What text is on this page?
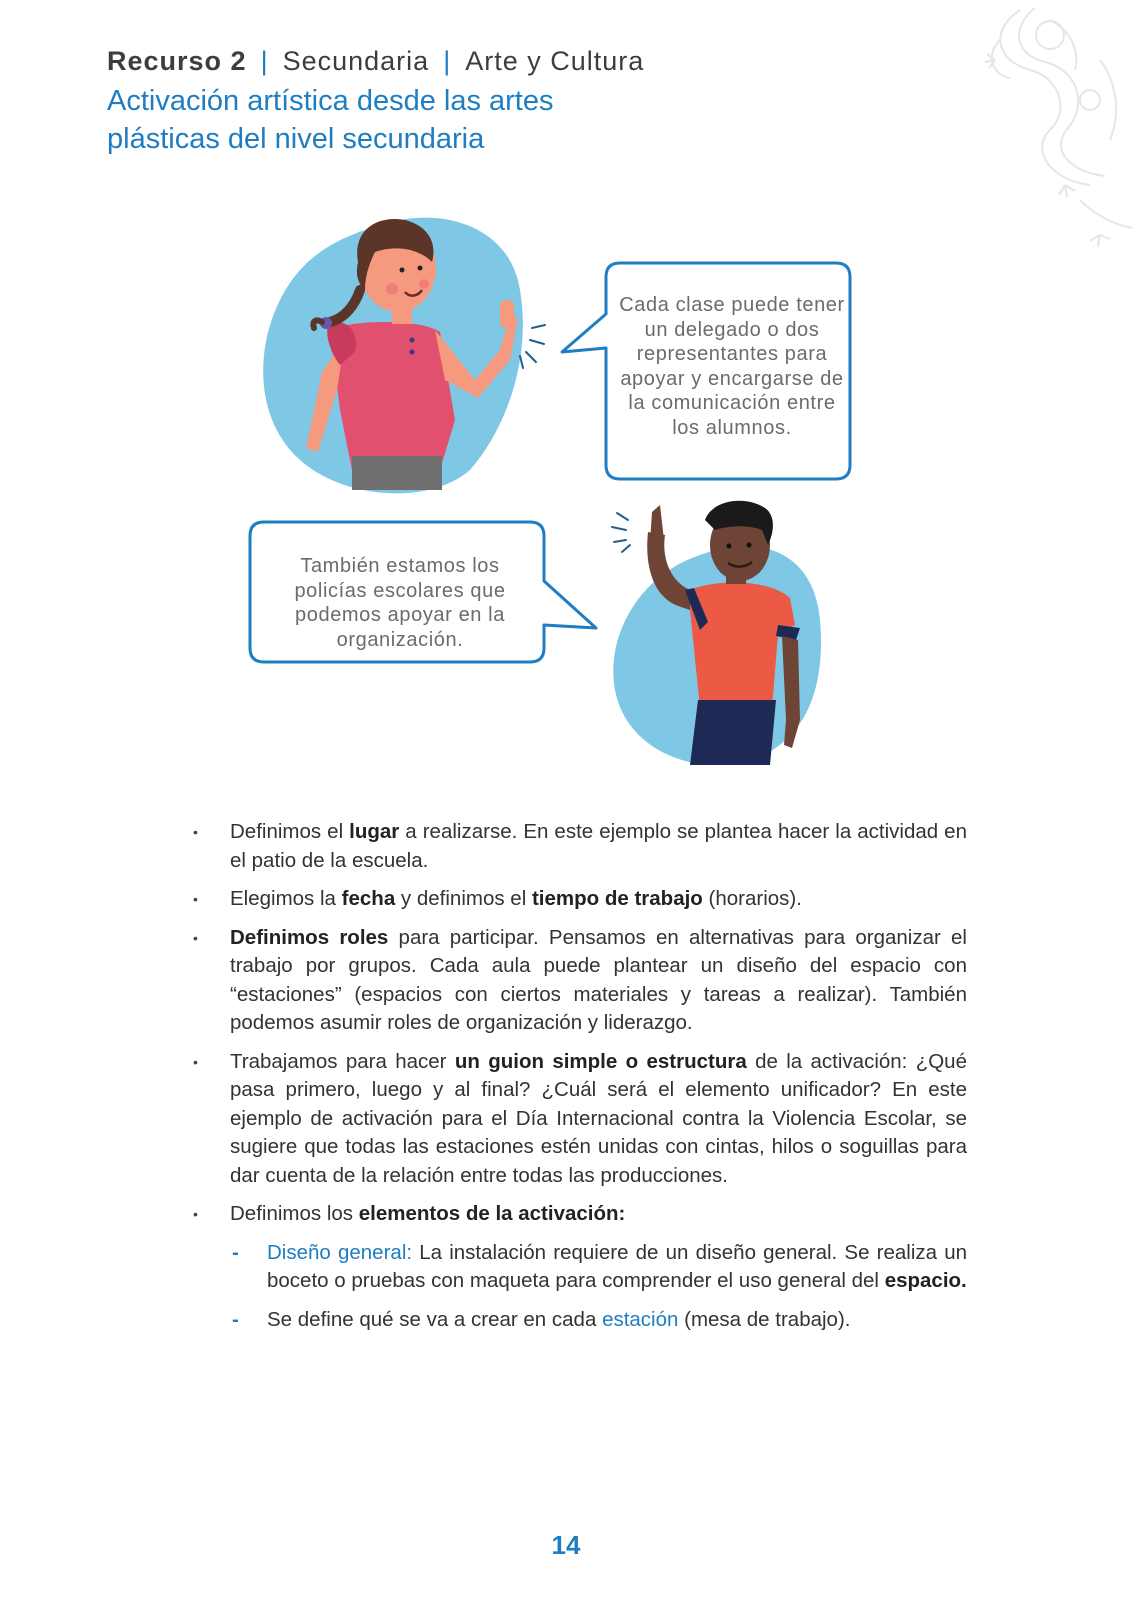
Recurso 2 | Secundaria | Arte y Cultura
Activación artística desde las artes plásticas del nivel secundaria
Cada clase puede tener un delegado o dos representantes para apoyar y encargarse de la comunicación entre los alumnos.
También estamos los policías escolares que podemos apoyar en la organización.
• Definimos el lugar a realizarse. En este ejemplo se plantea hacer la actividad en el patio de la escuela.
• Elegimos la fecha y definimos el tiempo de trabajo (horarios).
• Definimos roles para participar. Pensamos en alternativas para organizar el trabajo por grupos. Cada aula puede plantear un diseño del espacio con “estaciones” (espacios con ciertos materiales y tareas a realizar). También podemos asumir roles de organización y liderazgo.
• Trabajamos para hacer un guion simple o estructura de la activación: ¿Qué pasa primero, luego y al final? ¿Cuál será el elemento unificador? En este ejemplo de activación para el Día Internacional contra la Violencia Escolar, se sugiere que todas las estaciones estén unidas con cintas, hilos o soguillas para dar cuenta de la relación entre todas las producciones.
• Definimos los elementos de la activación:
- Diseño general: La instalación requiere de un diseño general. Se realiza un boceto o pruebas con maqueta para comprender el uso general del espacio.
- Se define qué se va a crear en cada estación (mesa de trabajo).
14
